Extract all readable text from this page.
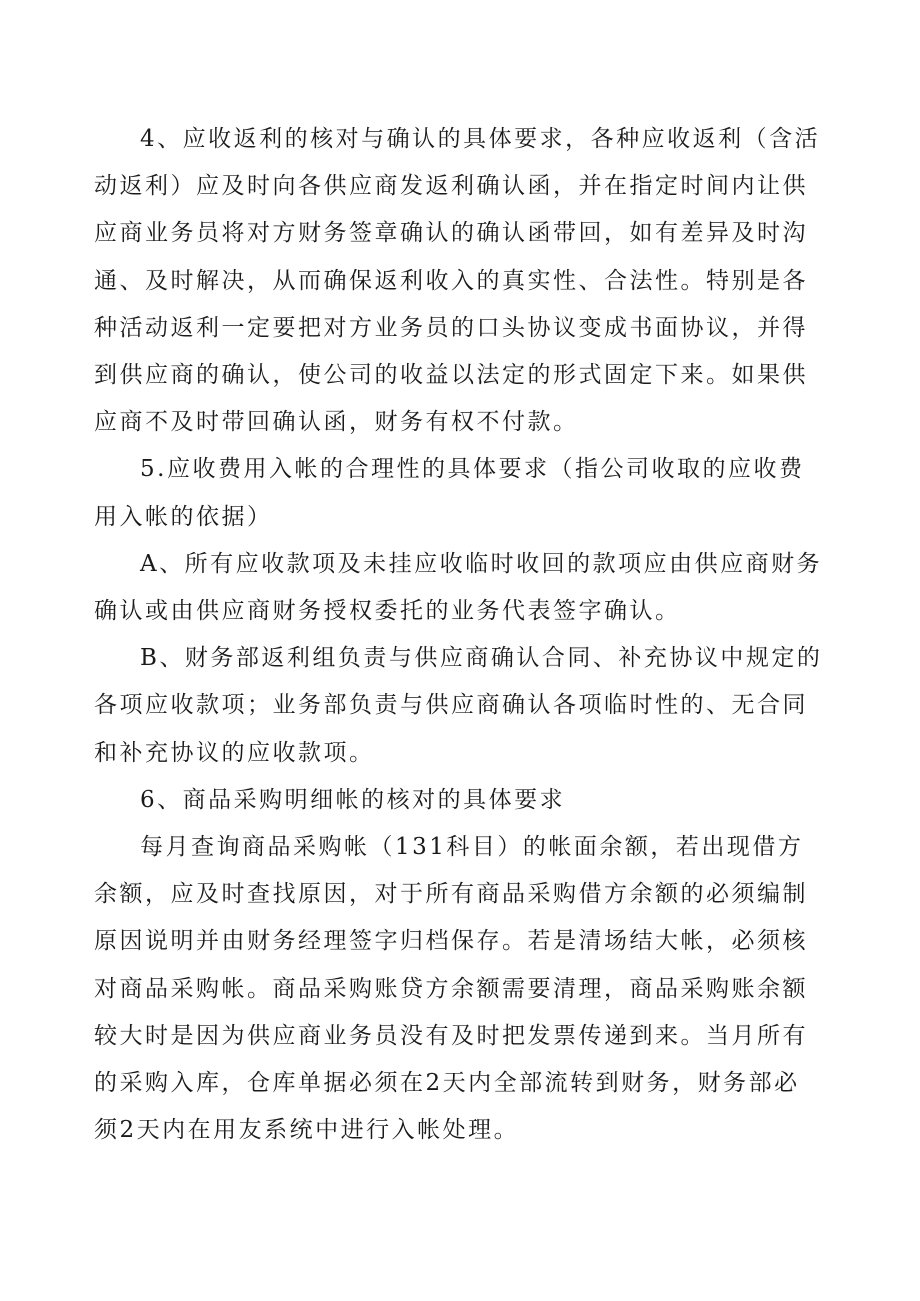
4、应收返利的核对与确认的具体要求，各种应收返利（含活
动返利）应及时向各供应商发返利确认函，并在指定时间内让供
应商业务员将对方财务签章确认的确认函带回，如有差异及时沟
通、及时解决，从而确保返利收入的真实性、合法性。特别是各
种活动返利一定要把对方业务员的口头协议变成书面协议，并得
到供应商的确认，使公司的收益以法定的形式固定下来。如果供
应商不及时带回确认函，财务有权不付款。

5.应收费用入帐的合理性的具体要求（指公司收取的应收费
用入帐的依据）

A、所有应收款项及未挂应收临时收回的款项应由供应商财务
确认或由供应商财务授权委托的业务代表签字确认。

B、财务部返利组负责与供应商确认合同、补充协议中规定的
各项应收款项；业务部负责与供应商确认各项临时性的、无合同
和补充协议的应收款项。

6、商品采购明细帐的核对的具体要求

每月查询商品采购帐（131科目）的帐面余额，若出现借方
余额，应及时查找原因，对于所有商品采购借方余额的必须编制
原因说明并由财务经理签字归档保存。若是清场结大帐，必须核
对商品采购帐。商品采购账贷方余额需要清理，商品采购账余额
较大时是因为供应商业务员没有及时把发票传递到来。当月所有
的采购入库，仓库单据必须在2天内全部流转到财务，财务部必
须2天内在用友系统中进行入帐处理。
